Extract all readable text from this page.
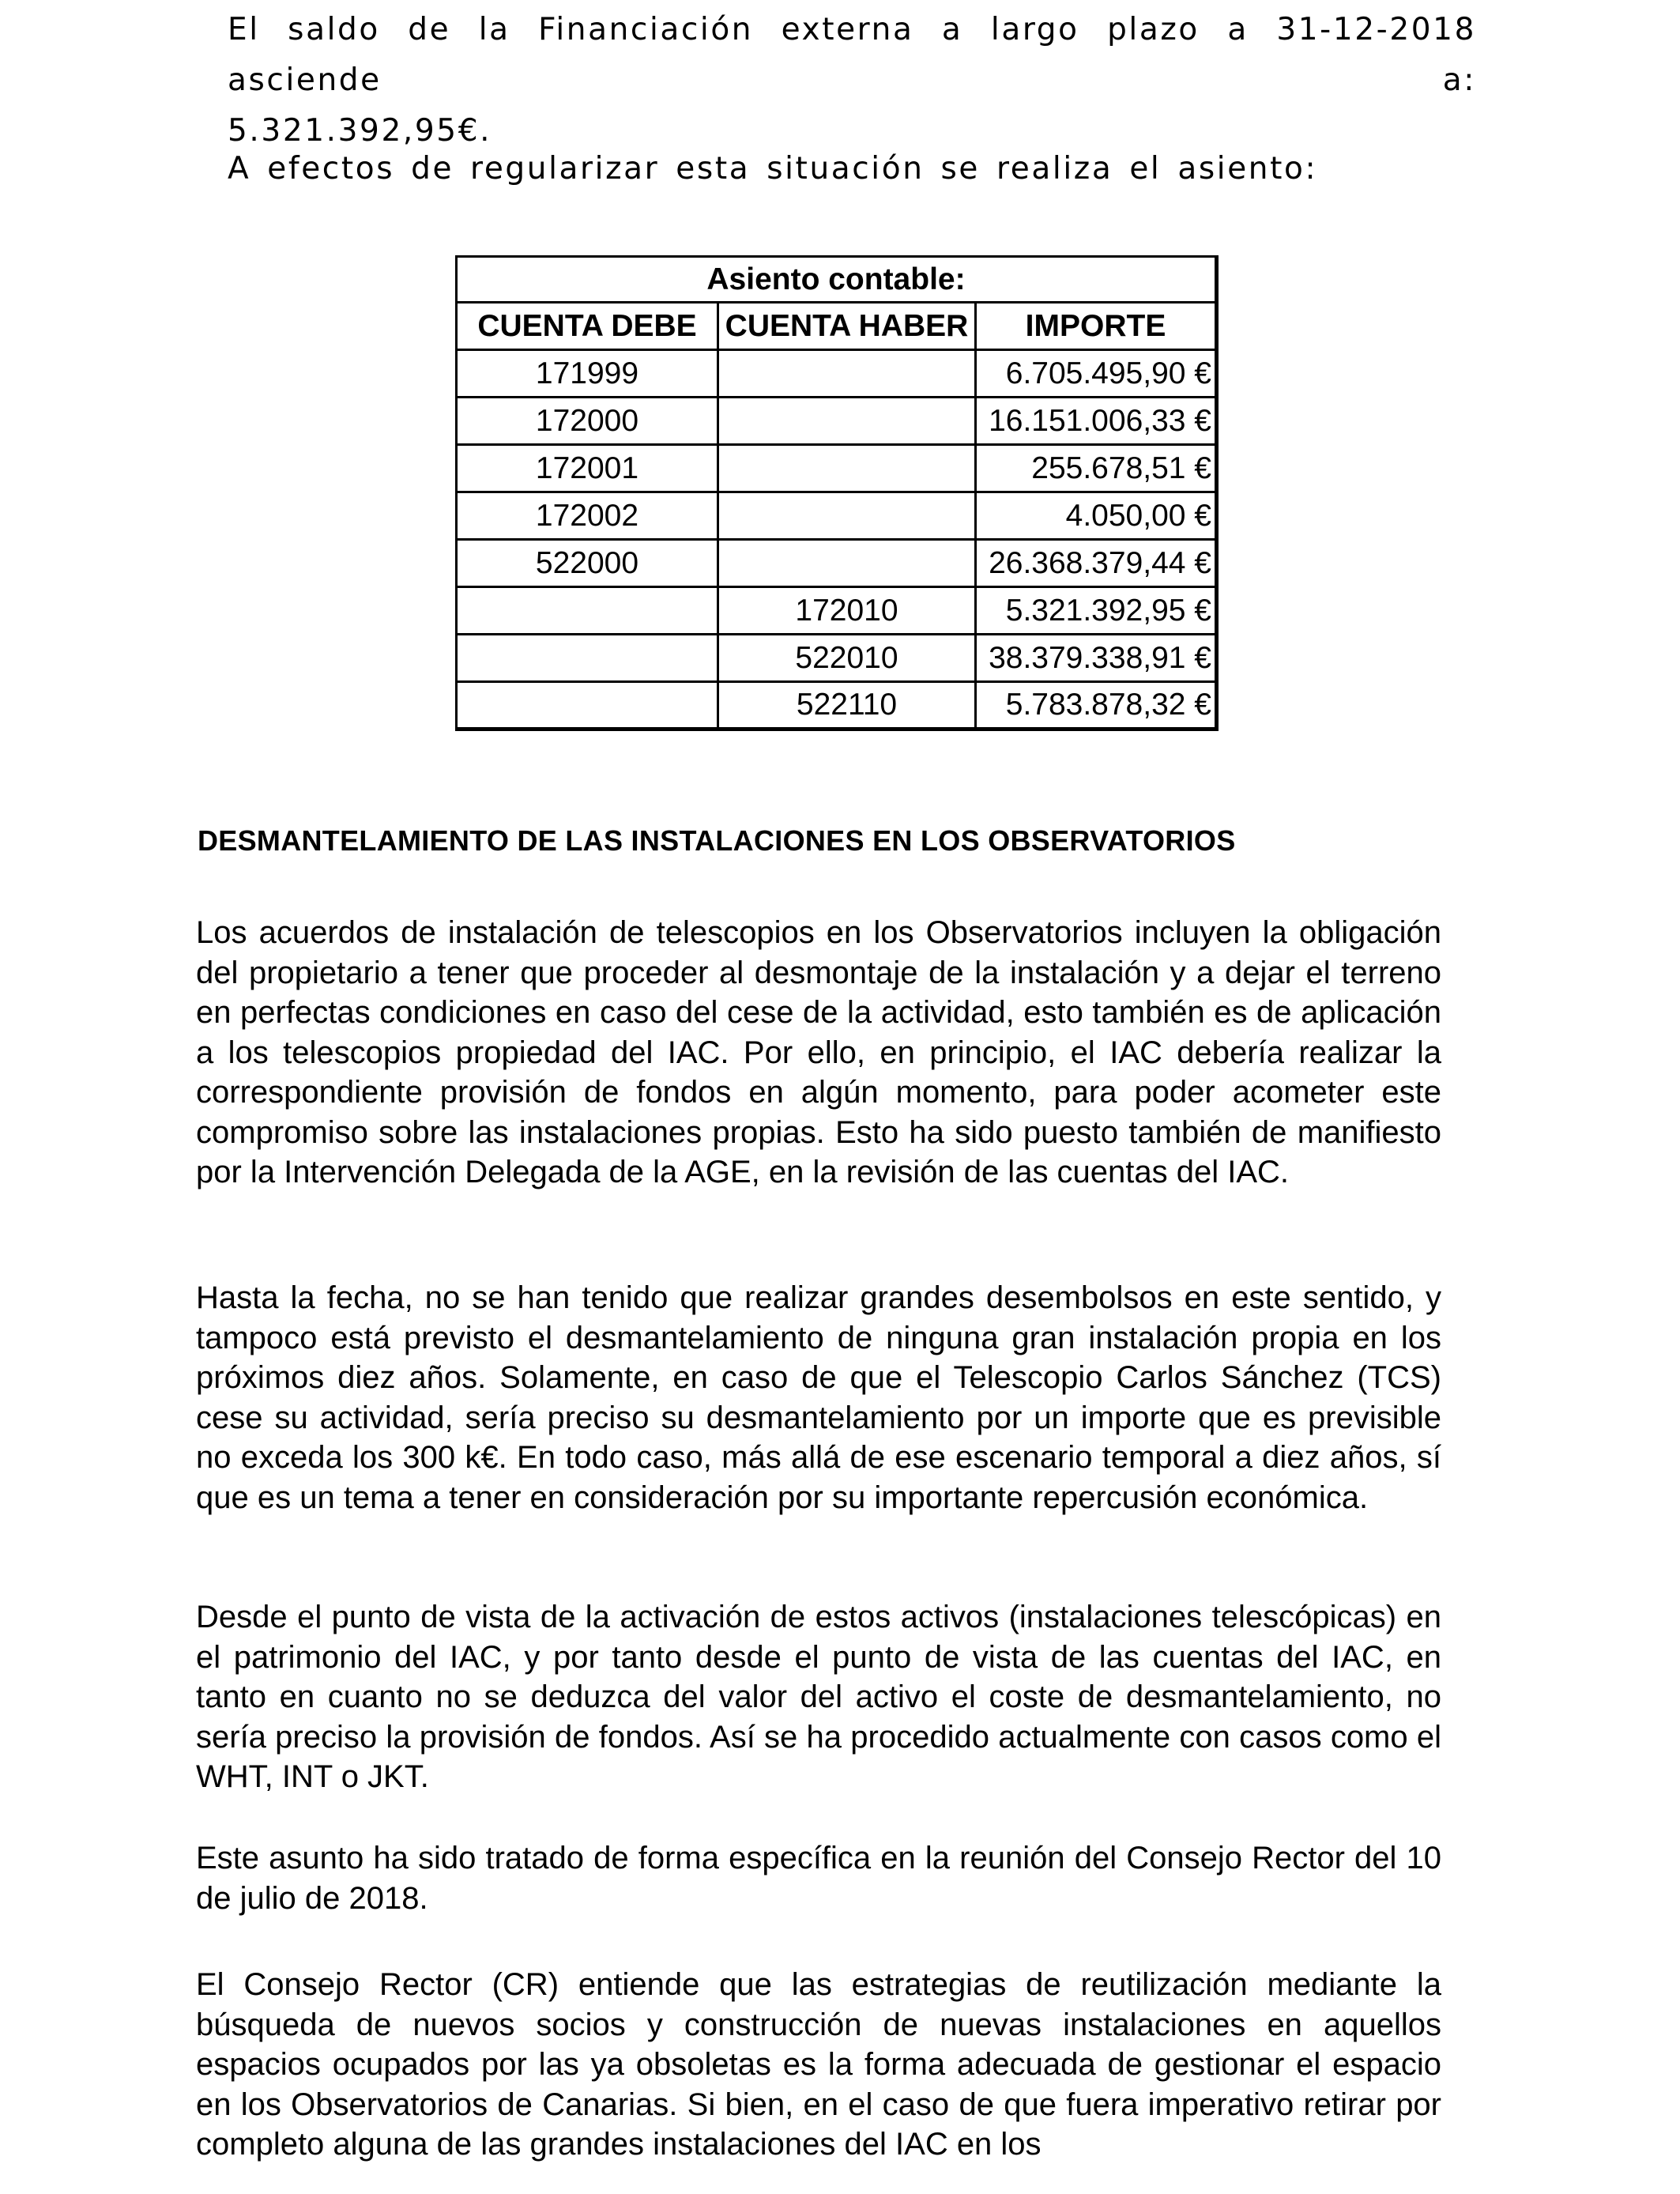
El saldo de la Financiación externa a largo plazo a 31-12-2018 asciende a:
5.321.392,95€.
A efectos de regularizar esta situación se realiza el asiento:
Asiento contable:		
CUENTA DEBE	CUENTA HABER	IMPORTE
171999		6.705.495,90 €
172000		16.151.006,33 €
172001		255.678,51 €
172002		4.050,00 €
522000		26.368.379,44 €
	172010	5.321.392,95 €
	522010	38.379.338,91 €
	522110	5.783.878,32 €
DESMANTELAMIENTO DE LAS INSTALACIONES EN LOS OBSERVATORIOS
Los acuerdos de instalación de telescopios en los Observatorios incluyen la obligación del propietario a tener que proceder al desmontaje de la instalación y a dejar el terreno en perfectas condiciones en caso del cese de la actividad, esto también es de aplicación a los telescopios propiedad del IAC. Por ello, en principio, el IAC debería realizar la correspondiente provisión de fondos en algún momento, para poder acometer este compromiso sobre las instalaciones propias. Esto ha sido puesto también de manifiesto por la Intervención Delegada de la AGE, en la revisión de las cuentas del IAC.
Hasta la fecha, no se han tenido que realizar grandes desembolsos en este sentido, y tampoco está previsto el desmantelamiento de ninguna gran instalación propia en los próximos diez años. Solamente, en caso de que el Telescopio Carlos Sánchez (TCS) cese su actividad, sería preciso su desmantelamiento por un importe que es previsible no exceda los 300 k€. En todo caso, más allá de ese escenario temporal a diez años, sí que es un tema a tener en consideración por su importante repercusión económica.
Desde el punto de vista de la activación de estos activos (instalaciones telescópicas) en el patrimonio del IAC, y por tanto desde el punto de vista de las cuentas del IAC, en tanto en cuanto no se deduzca del valor del activo el coste de desmantelamiento, no sería preciso la provisión de fondos. Así se ha procedido actualmente con casos como el WHT, INT o JKT.
Este asunto ha sido tratado de forma específica en la reunión del Consejo Rector del 10 de julio de 2018.
El Consejo Rector (CR) entiende que las estrategias de reutilización mediante la búsqueda de nuevos socios y construcción de nuevas instalaciones en aquellos espacios ocupados por las ya obsoletas es la forma adecuada de gestionar el espacio en los Observatorios de Canarias. Si bien, en el caso de que fuera imperativo retirar por completo alguna de las grandes instalaciones del IAC en los
